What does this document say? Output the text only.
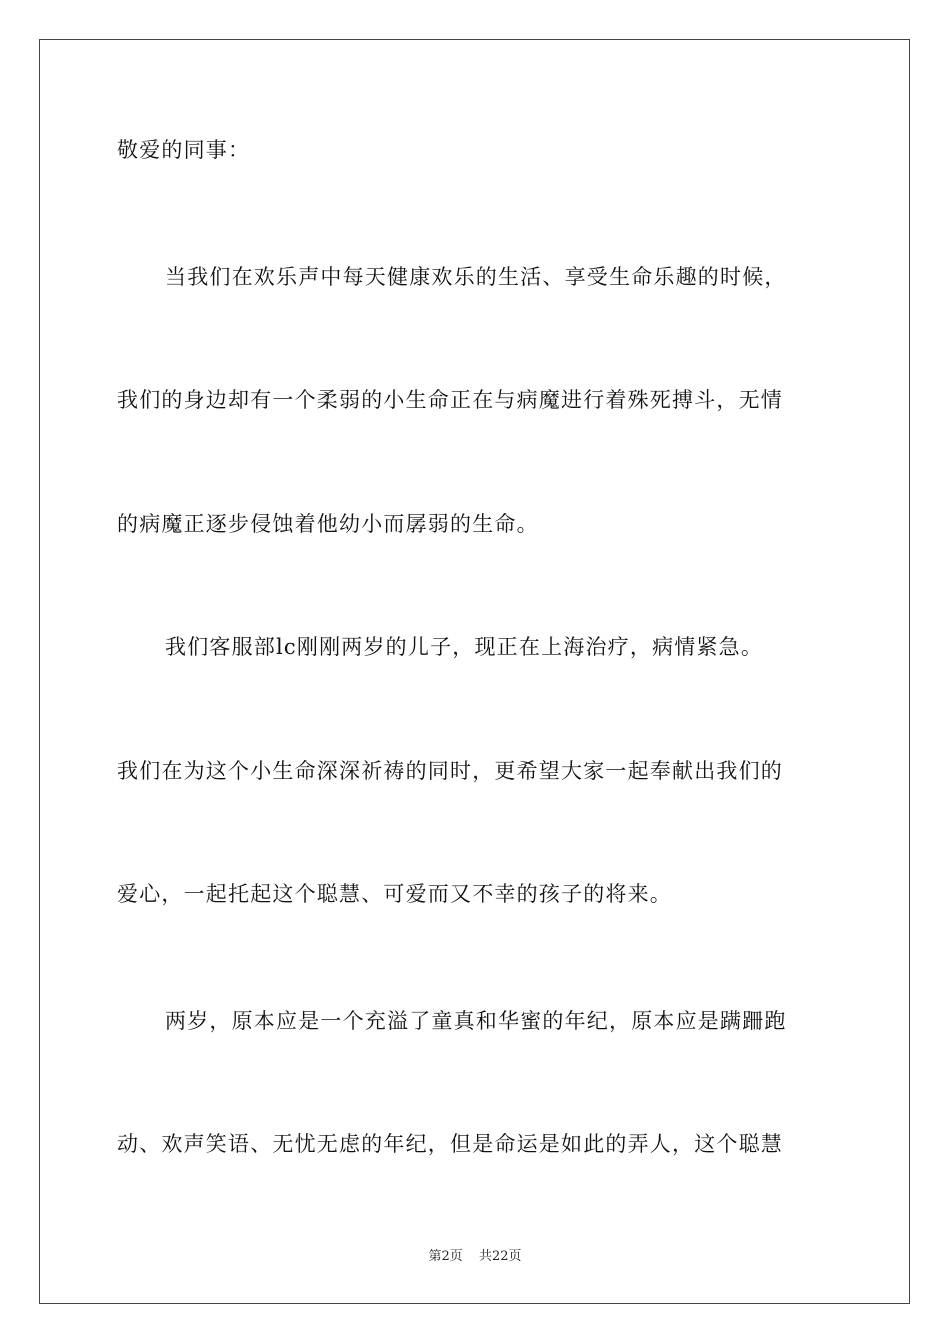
敬爱的同事：
当我们在欢乐声中每天健康欢乐的生活、享受生命乐趣的时候，
我们的身边却有一个柔弱的小生命正在与病魔进行着殊死搏斗，无情
的病魔正逐步侵蚀着他幼小而孱弱的生命。
我们客服部lc刚刚两岁的儿子，现正在上海治疗，病情紧急。
我们在为这个小生命深深祈祷的同时，更希望大家一起奉献出我们的
爱心，一起托起这个聪慧、可爱而又不幸的孩子的将来。
两岁，原本应是一个充溢了童真和华蜜的年纪，原本应是蹒跚跑
动、欢声笑语、无忧无虑的年纪，但是命运是如此的弄人，这个聪慧
第2页 共22页
